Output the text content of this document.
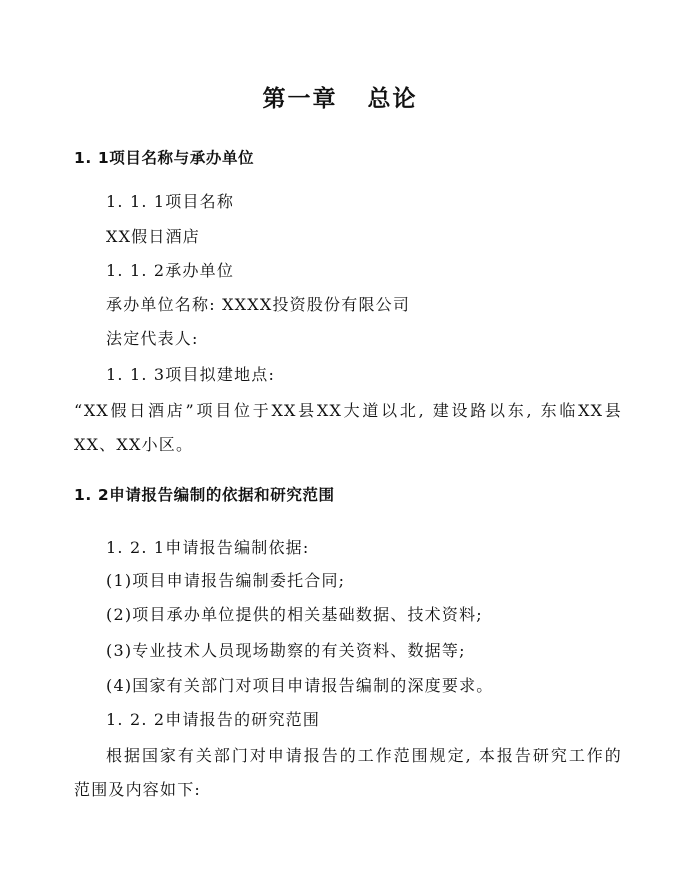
第一章   总论
1. 1项目名称与承办单位
1. 1. 1项目名称
XX假日酒店
1. 1. 2承办单位
承办单位名称: XXXX投资股份有限公司
法定代表人:
1. 1. 3项目拟建地点:
“XX假日酒店”项目位于XX县XX大道以北, 建设路以东, 东临XX县
XX、XX小区。
1. 2申请报告编制的依据和研究范围
1. 2. 1申请报告编制依据:
(1)项目申请报告编制委托合同;
(2)项目承办单位提供的相关基础数据、技术资料;
(3)专业技术人员现场勘察的有关资料、数据等;
(4)国家有关部门对项目申请报告编制的深度要求。
1. 2. 2申请报告的研究范围
根据国家有关部门对申请报告的工作范围规定, 本报告研究工作的
范围及内容如下:
